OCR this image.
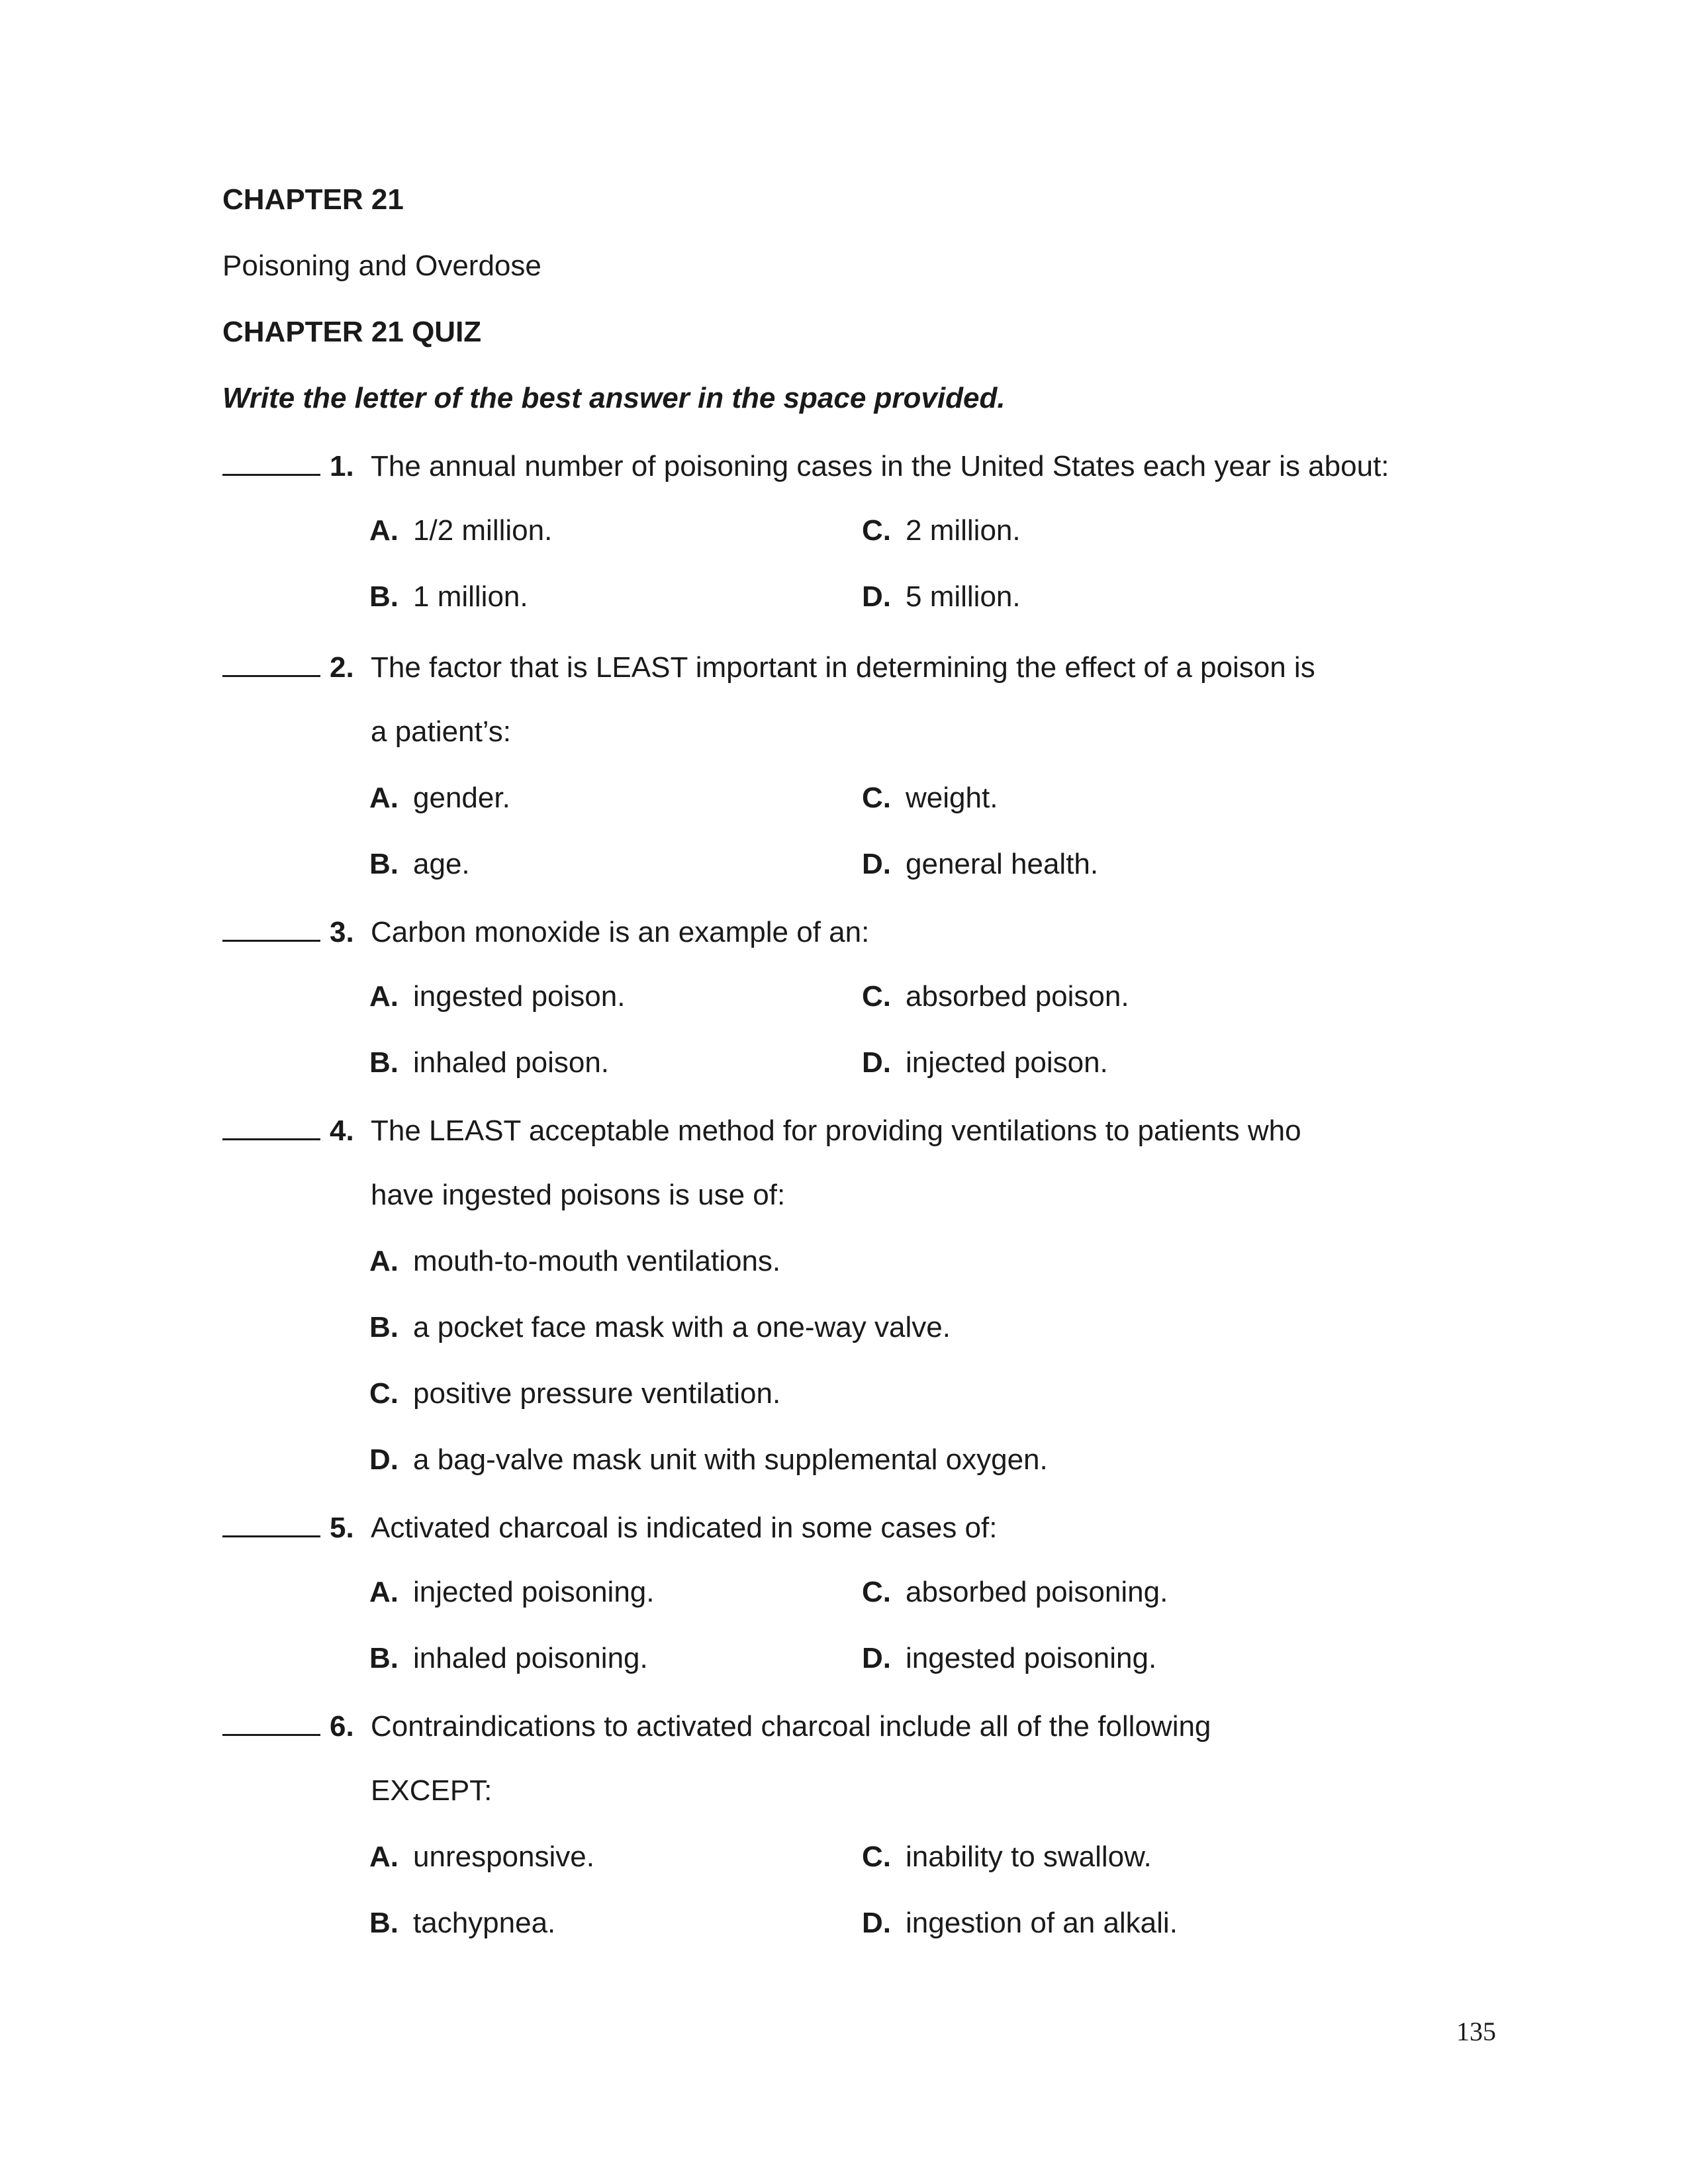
CHAPTER 21
Poisoning and Overdose
CHAPTER 21 QUIZ
Write the letter of the best answer in the space provided.
1. The annual number of poisoning cases in the United States each year is about:
A. 1/2 million.
B. 1 million.
C. 2 million.
D. 5 million.
2. The factor that is LEAST important in determining the effect of a poison is
a patient’s:
A. gender.
B. age.
C. weight.
D. general health.
3. Carbon monoxide is an example of an:
A. ingested poison.
B. inhaled poison.
C. absorbed poison.
D. injected poison.
4. The LEAST acceptable method for providing ventilations to patients who
have ingested poisons is use of:
A. mouth-to-mouth ventilations.
B. a pocket face mask with a one-way valve.
C. positive pressure ventilation.
D. a bag-valve mask unit with supplemental oxygen.
5. Activated charcoal is indicated in some cases of:
A. injected poisoning.
B. inhaled poisoning.
C. absorbed poisoning.
D. ingested poisoning.
6. Contraindications to activated charcoal include all of the following
EXCEPT:
A. unresponsive.
B. tachypnea.
C. inability to swallow.
D. ingestion of an alkali.
135
